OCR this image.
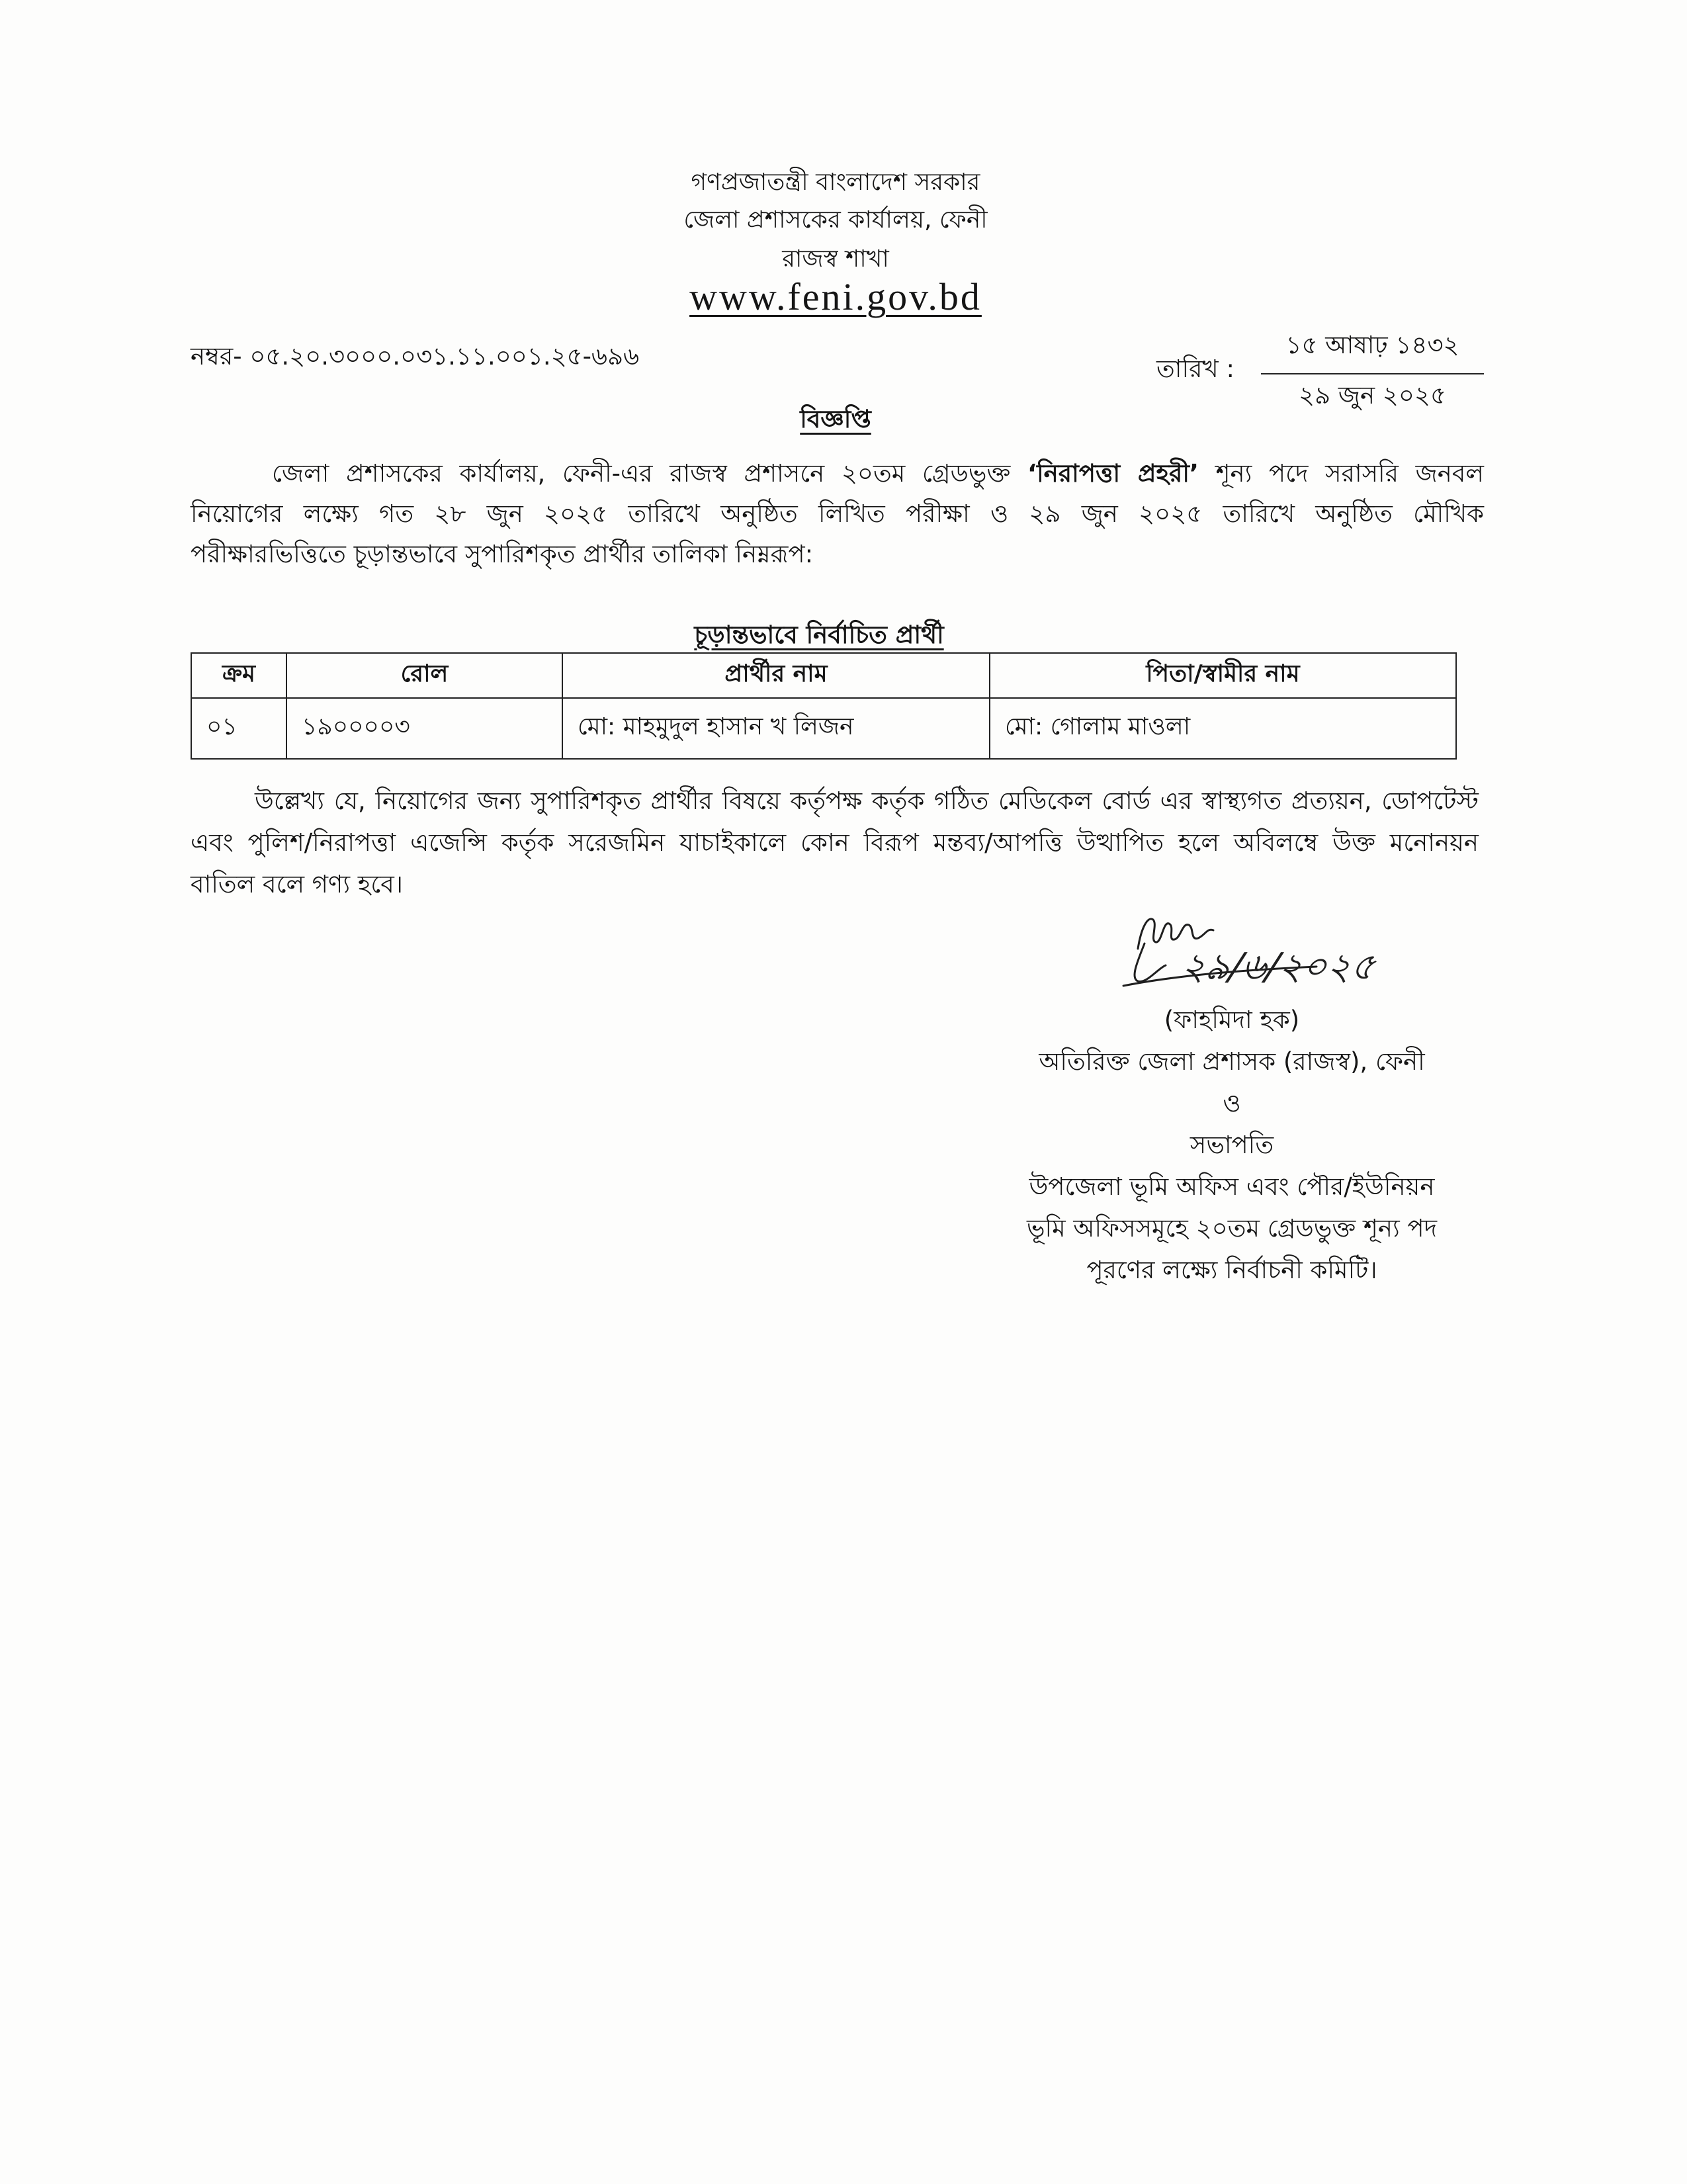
গণপ্রজাতন্ত্রী বাংলাদেশ সরকার
জেলা প্রশাসকের কার্যালয়, ফেনী
রাজস্ব শাখা
www.feni.gov.bd
নম্বর- ০৫.২০.৩০০০.০৩১.১১.০০১.২৫-৬৯৬	তারিখ :
১৫ আষাঢ় ১৪৩২
২৯ জুন ২০২৫
বিজ্ঞপ্তি
জেলা প্রশাসকের কার্যালয়, ফেনী-এর রাজস্ব প্রশাসনে ২০তম গ্রেডভুক্ত ‘নিরাপত্তা প্রহরী’ শূন্য পদে সরাসরি জনবল
নিয়োগের লক্ষ্যে গত ২৮ জুন ২০২৫ তারিখে অনুষ্ঠিত লিখিত পরীক্ষা ও ২৯ জুন ২০২৫ তারিখে অনুষ্ঠিত মৌখিক
পরীক্ষারভিত্তিতে চূড়ান্তভাবে সুপারিশকৃত প্রার্থীর তালিকা নিম্নরূপ:
চূড়ান্তভাবে নির্বাচিত প্রার্থী
ক্রম	রোল	প্রার্থীর নাম	পিতা/স্বামীর নাম
০১	১৯০০০০৩	মো: মাহমুদুল হাসান খ লিজন	মো: গোলাম মাওলা
উল্লেখ্য যে, নিয়োগের জন্য সুপারিশকৃত প্রার্থীর বিষয়ে কর্তৃপক্ষ কর্তৃক গঠিত মেডিকেল বোর্ড এর স্বাস্থ্যগত প্রত্যয়ন, ডোপটেস্ট
এবং পুলিশ/নিরাপত্তা এজেন্সি কর্তৃক সরেজমিন যাচাইকালে কোন বিরূপ মন্তব্য/আপত্তি উত্থাপিত হলে অবিলম্বে উক্ত মনোনয়ন
বাতিল বলে গণ্য হবে।
২৯/৬/২০২৫
(ফাহমিদা হক)
অতিরিক্ত জেলা প্রশাসক (রাজস্ব), ফেনী
ও
সভাপতি
উপজেলা ভূমি অফিস এবং পৌর/ইউনিয়ন
ভূমি অফিসসমূহে ২০তম গ্রেডভুক্ত শূন্য পদ
পূরণের লক্ষ্যে নির্বাচনী কমিটি।
